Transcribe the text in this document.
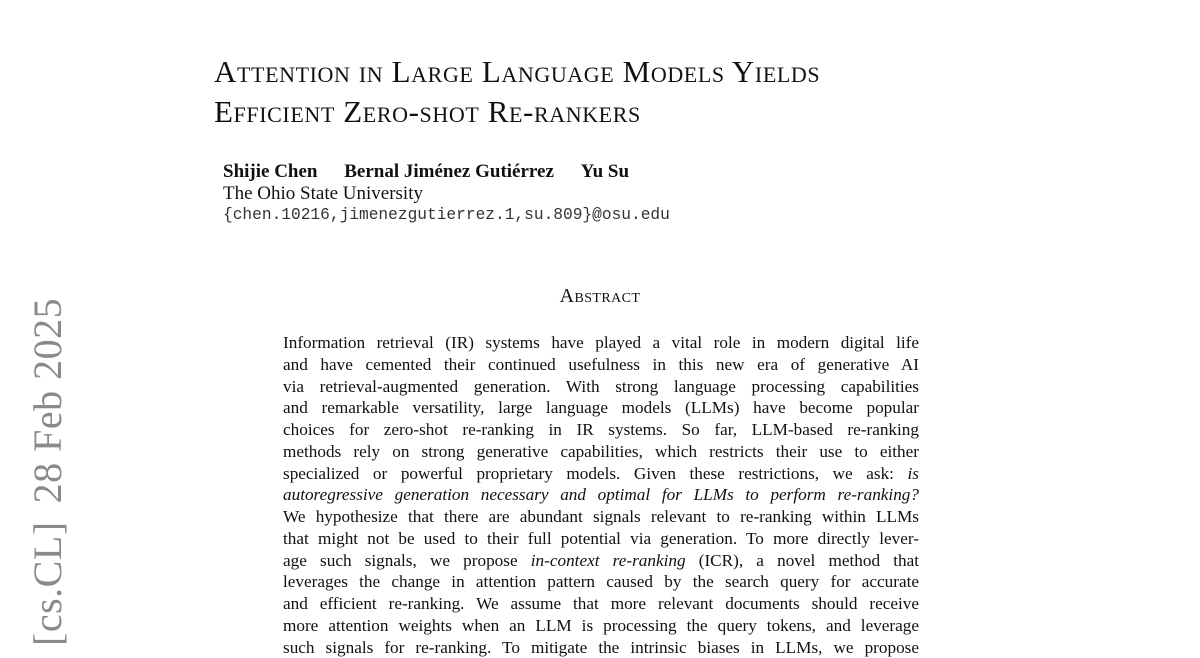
[cs.CL]28 Feb 2025
Attention in Large Language Models Yields
Efficient Zero-shot Re-rankers
Shijie Chen Bernal Jiménez Gutiérrez Yu Su
The Ohio State University
{chen.10216,jimenezgutierrez.1,su.809}@osu.edu
Abstract
Information retrieval (IR) systems have played a vital role in modern digital life
and have cemented their continued usefulness in this new era of generative AI
via retrieval-augmented generation. With strong language processing capabilities
and remarkable versatility, large language models (LLMs) have become popular
choices for zero-shot re-ranking in IR systems. So far, LLM-based re-ranking
methods rely on strong generative capabilities, which restricts their use to either
specialized or powerful proprietary models. Given these restrictions, we ask: is
autoregressive generation necessary and optimal for LLMs to perform re-ranking?
We hypothesize that there are abundant signals relevant to re-ranking within LLMs
that might not be used to their full potential via generation. To more directly lever-
age such signals, we propose in-context re-ranking (ICR), a novel method that
leverages the change in attention pattern caused by the search query for accurate
and efficient re-ranking. We assume that more relevant documents should receive
more attention weights when an LLM is processing the query tokens, and leverage
such signals for re-ranking. To mitigate the intrinsic biases in LLMs, we propose
